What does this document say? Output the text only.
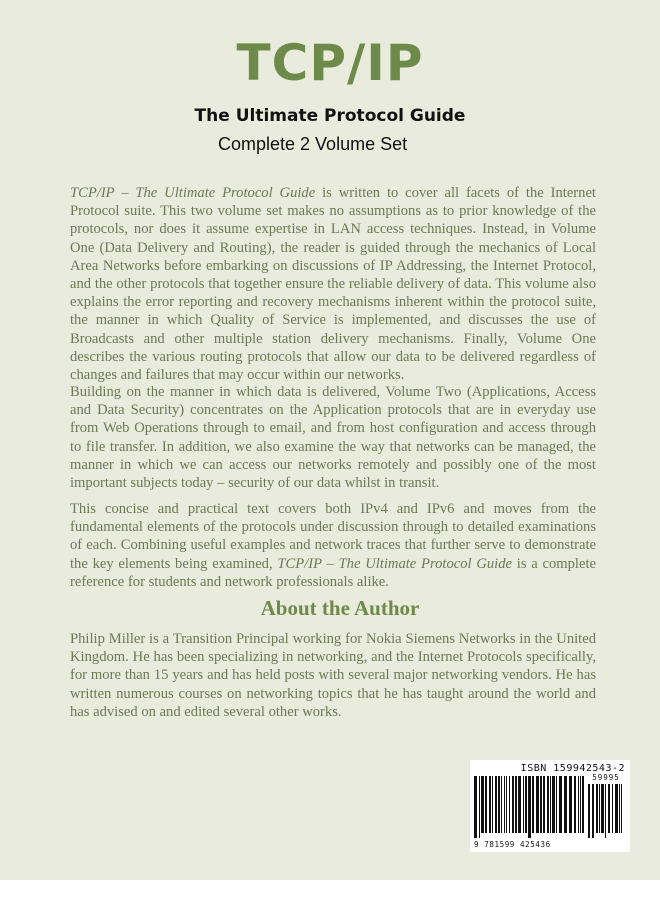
TCP/IP
The Ultimate Protocol Guide
Complete 2 Volume Set
TCP/IP – The Ultimate Protocol Guide is written to cover all facets of the Internet Protocol suite. This two volume set makes no assumptions as to prior knowledge of the protocols, nor does it assume expertise in LAN access techniques. Instead, in Volume One (Data Delivery and Routing), the reader is guided through the mechanics of Local Area Networks before embarking on discussions of IP Addressing, the Internet Protocol, and the other protocols that together ensure the reliable delivery of data. This volume also explains the error reporting and recovery mechanisms inherent within the protocol suite, the manner in which Quality of Service is implemented, and discusses the use of Broadcasts and other multiple station delivery mechanisms. Finally, Volume One describes the various routing protocols that allow our data to be delivered regardless of changes and failures that may occur within our networks.
Building on the manner in which data is delivered, Volume Two (Applications, Access and Data Security) concentrates on the Application protocols that are in everyday use from Web Operations through to email, and from host configuration and access through to file transfer. In addition, we also examine the way that networks can be managed, the manner in which we can access our networks remotely and possibly one of the most important subjects today – security of our data whilst in transit.
This concise and practical text covers both IPv4 and IPv6 and moves from the fundamental elements of the protocols under discussion through to detailed examinations of each. Combining useful examples and network traces that further serve to demonstrate the key elements being examined, TCP/IP – The Ultimate Protocol Guide is a complete reference for students and network professionals alike.
About the Author
Philip Miller is a Transition Principal working for Nokia Siemens Networks in the United Kingdom. He has been specializing in networking, and the Internet Protocols specifically, for more than 15 years and has held posts with several major networking vendors. He has written numerous courses on networking topics that he has taught around the world and has advised on and edited several other works.
ISBN 159942543-2
59995
9 781599 425436
